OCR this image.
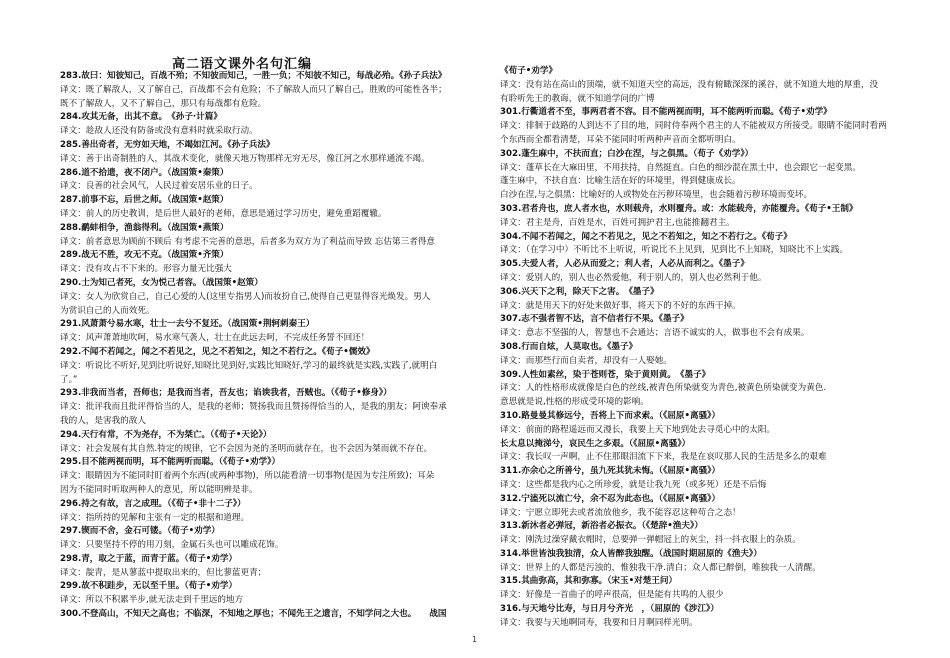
高二语文课外名句汇编
283.故曰：知彼知己，百战不殆；不知彼而知己，一胜一负；不知彼不知己，每战必殆。《孙子兵法》
译文：既了解敌人，又了解自己，百战都不会有危险；不了解敌人而只了解自己，胜败的可能性各半；
既不了解敌人，又不了解自己，那只有每战都有危险。
284.攻其无备，出其不意。　《孙子·计篇》
译文：趁敌人还没有防备或没有意料时就采取行动。
285.善出奇者，无穷如天地，不竭如江河。《孙子兵法》
译文：善于出奇制胜的人，其战术变化，就像天地万物那样无穷无尽，像江河之水那样通流不竭。
286.道不拾遗，夜不闭户。（战国策•秦策）
译文：良善的社会风气，人民过着安居乐业的日子。
287.前事不忘，后世之师。（战国策•赵策）
译文：前人的历史教训，是后世人最好的老师，意思是通过学习历史，避免重蹈覆辙。
288.鹬蚌相争，渔翁得利。（战国策•燕策）
译文：前者意思为顾前不顾后 有考虑不完善的意思，后者多为双方为了利益而导致 忘估第三者得意
289.战无不胜，攻无不克。（战国策•齐策）
译文：没有攻占不下来的。形容力量无比强大
290.士为知己者死，女为悦己者容。（战国策•赵策）
译文：女人为欣赏自己，自己心爱的人(这里专指男人)而妆扮自己,使得自己更显得容光焕发。男人
为赏识自己的人而效死。
291.风萧萧兮易水寒，壮士一去兮不复还。（战国策•荆轲刺秦王）
译文：风声萧萧地吹呵，易水寒气袭人，壮士在此远去呵，不完成任务誓不回还！
292.不闻不若闻之，闻之不若见之，见之不若知之，知之不若行之。《荀子•儒效》
译文：听说比不听好,见到比听说好,知晓比见到好,实践比知晓好,学习的最终就是实践,实践了,就明白
了。”
293.非我而当者，吾师也；是我而当者，吾友也；谄谀我者，吾贼也。（《荀子•修身》）
译文：批评我而且批评得恰当的人，是我的老师；赞扬我而且赞扬得恰当的人，是我的朋友；阿谀奉承
我的人，是害我的敌人
294.天行有常，不为尧存，不为桀亡。（《荀子•天论》）
译文：社会发展有其自然.特定的规律，它不会因为尧的圣明而就存在，也不会因为桀而就不存在。
295.目不能两视而明，耳不能两听而聪。（《荀子•劝学》）
译文：眼睛因为不能同时盯着两个东西(或两种事物)，所以能看清一切事物(是因为专注所致)；耳朵
因为不能同时听取两种人的意见，所以能明辨是非。
296.持之有故，言之成理。（《荀子•非十二子》）
译文：指所持的见解和主张有一定的根据和道理。
297.锲而不舍，金石可镂。（荀子•劝学）
译文：只要坚持不停的用刀刻，金属石头也可以雕成花饰。
298.青，取之于蓝，而青于蓝。（荀子•劝学）
译文：靛青，是从蓼蓝中提取出来的，但比蓼蓝更青；
299.故不积跬步，无以至千里。（荀子•劝学）
译文：所以不积累半步,就无法走到千里远的地方
300.不登高山，不知天之高也；不临深，不知地之厚也；不闻先王之遗言，不知学问之大也。　　战国
《荀子•劝学》
译文：没有站在高山的顶端，就不知道天空的高远，没有俯瞰深深的溪谷，就不知道大地的厚重，没
有聆听先王的教诲，就不知道学问的广博
301.行衢道者不至，事两君者不容。目不能两视而明，耳不能两听而聪。《荀子•劝学》
译文：徘徊于歧路的人到达不了目的地，同时侍奉两个君主的人不能被双方所接受。眼睛不能同时看两
个东西而全都看清楚，耳朵不能同时听两种声音而全都听明白。
302.蓬生麻中，不扶而直；白沙在涅，与之俱黑。（荀子《劝学》）
译文：蓬草长在大麻田里，不用扶持，自然挺直。白色的细沙混在黑土中，也会跟它一起变黑。
蓬生麻中，不扶自直：比喻生活在好的环境里，得到健康成长。
白沙在涅,与之俱黑：比喻好的人或物处在污秽环境里，也会随着污秽环境而变坏。
303.君者舟也，庶人者水也，水则载舟，水则覆舟。或：水能载舟，亦能覆舟。《荀子•王制》
译文：君主是舟，百姓是水，百姓可拥护君主,也能推翻君主。
304.不闻不若闻之，闻之不若见之，见之不若知之，知之不若行之。《荀子》
译文：（在学习中）不听比不上听说，听说比不上见到，见到比不上知晓，知晓比不上实践。
305.夫爱人者，人必从而爱之；利人者，人必从而利之。《墨子》
译文：爱别人的，别人也必然爱他，利于别人的，别人也必然利于他。
306.兴天下之利，除天下之害。　《墨子》
译文：就是用天下的好处来做好事，将天下的不好的东西干掉。
307.志不强者智不达，言不信者行不果。《墨子》
译文：意志不坚强的人，智慧也不会通达；言语不诚实的人，做事也不会有成果。
308.行而自炫，人莫取也。《墨子》
译文：而那些行而自卖者，却没有一人娶她。
309.人性如素丝，染于苍则苍，染于黄则黄。　《墨子》
译文：人的性格形成就像是白色的丝线,被青色所染就变为青色,被黄色所染就变为黄色.
意思就是说,性格的形成受环境的影响。
310.路曼曼其修远兮，吾将上下而求索。（《屈原•离骚》）
译文：前面的路程遥远而又漫长，我要上天下地到处去寻觅心中的太阳。
长太息以掩涕兮，哀民生之多艰。（《屈原•离骚》）
译文：我长叹一声啊，止不住那眼泪流下下来，我是在哀叹那人民的生活是多么的艰难
311.亦余心之所善兮，虽九死其犹未悔。（《屈原•离骚》）
译文：这些都是我内心之所珍爱，就是让我九死（或多死）还是不后悔
312.宁溘死以流亡兮，余不忍为此态也。（《屈原•离骚》）
译文：宁愿立即死去或者流放他乡，我不能容忍这种苟合之态！
313.新沐者必弹冠，新浴者必振衣。（《楚辞•渔夫》）
译文：刚洗过澡穿戴衣帽时，总要弹一弹帽冠上的灰尘，抖一抖衣服上的杂质。
314.举世皆浊我独清，众人皆醉我独醒。（战国时期屈原的《渔夫》）
译文：世界上的人都是污浊的，惟独我干净.清白；众人都已醉倒，唯独我一人清醒。
315.其曲弥高，其和弥寡。（宋玉•对楚王问）
译文：好像是一首曲子的呼声很高，但是能有共鸣的人很少
316.与天地兮比寿，与日月兮齐光　，（屈原的《涉江》）
译文：我要与天地啊同寿，我要和日月啊同样光明。
1
